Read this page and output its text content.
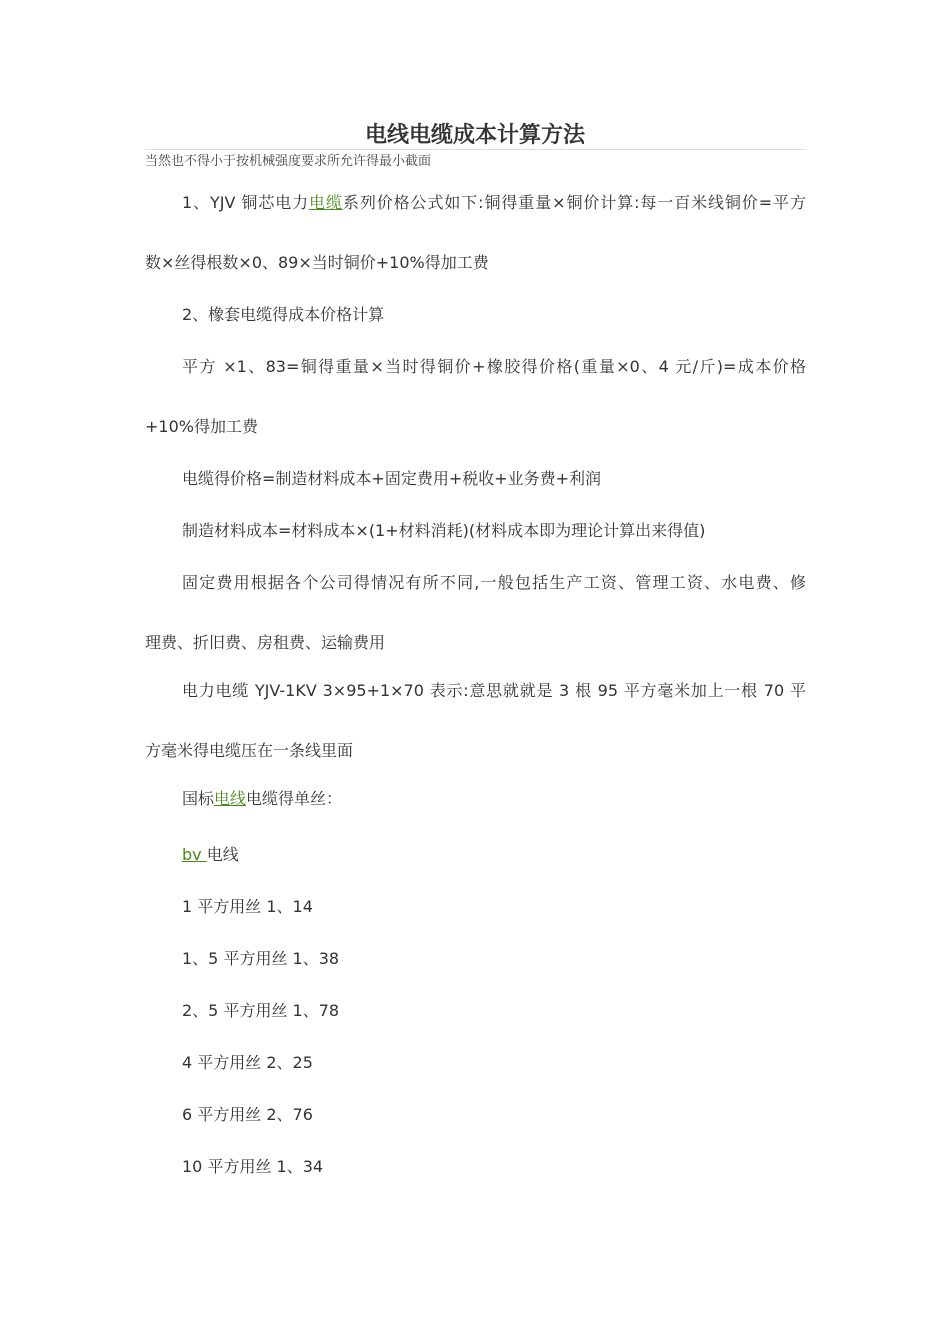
电线电缆成本计算方法

当然也不得小于按机械强度要求所允许得最小截面

1、YJV 铜芯电力电缆系列价格公式如下:铜得重量×铜价计算:每一百米线铜价=平方

数×丝得根数×0、89×当时铜价+10%得加工费

2、橡套电缆得成本价格计算

平方 ×1、83=铜得重量×当时得铜价+橡胶得价格(重量×0、4 元/斤)=成本价格

+10%得加工费

电缆得价格=制造材料成本+固定费用+税收+业务费+利润

制造材料成本=材料成本×(1+材料消耗)(材料成本即为理论计算出来得值)

固定费用根据各个公司得情况有所不同,一般包括生产工资、管理工资、水电费、修

理费、折旧费、房租费、运输费用

电力电缆 YJV-1KV 3×95+1×70 表示:意思就就是 3 根 95 平方毫米加上一根 70 平

方毫米得电缆压在一条线里面

国标电线电缆得单丝：

bv 电线

1 平方用丝 1、14

1、5 平方用丝 1、38

2、5 平方用丝 1、78

4 平方用丝 2、25

6 平方用丝 2、76

10 平方用丝 1、34
